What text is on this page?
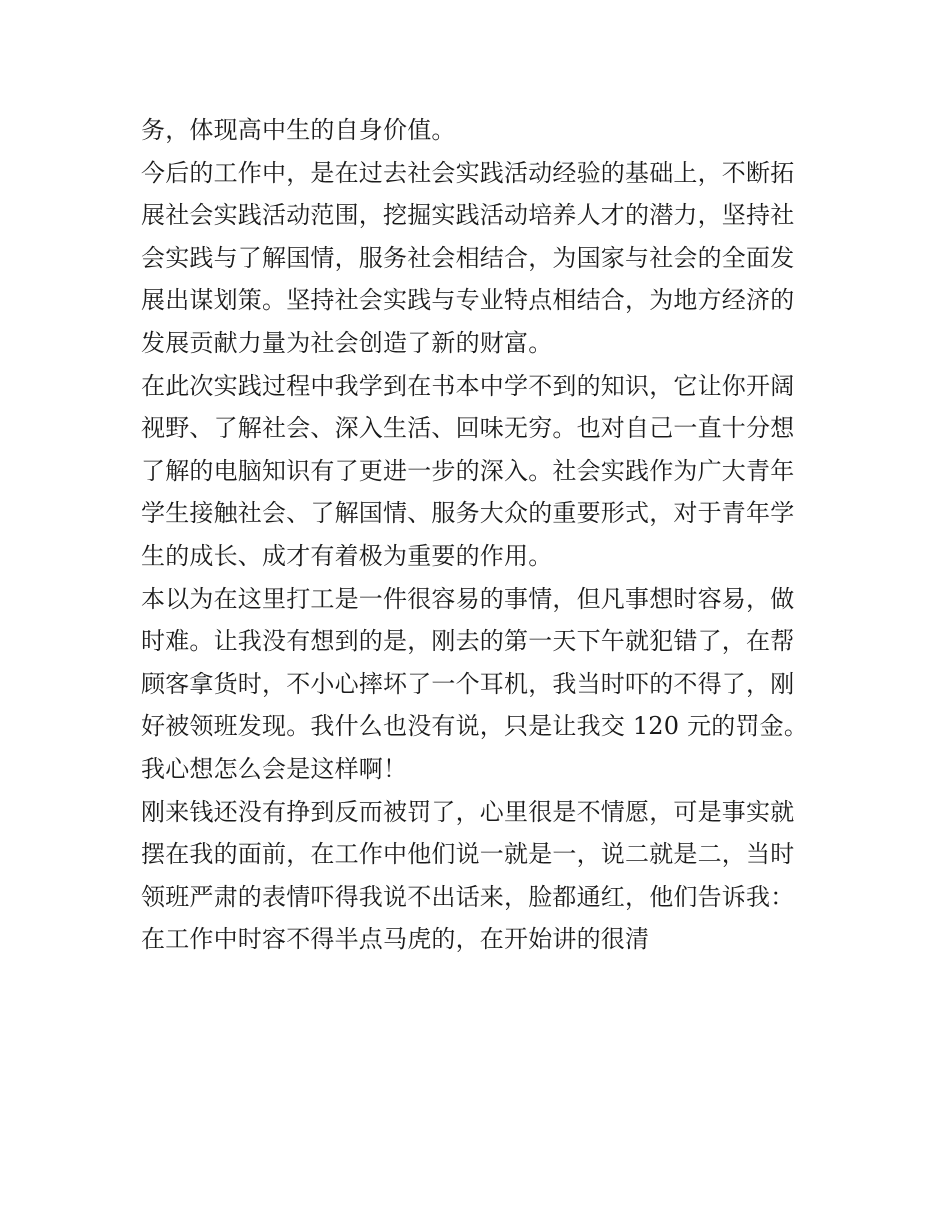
务，体现高中生的自身价值。
今后的工作中，是在过去社会实践活动经验的基础上，不断拓
展社会实践活动范围，挖掘实践活动培养人才的潜力，坚持社
会实践与了解国情，服务社会相结合，为国家与社会的全面发
展出谋划策。坚持社会实践与专业特点相结合，为地方经济的
发展贡献力量为社会创造了新的财富。
在此次实践过程中我学到在书本中学不到的知识，它让你开阔
视野、了解社会、深入生活、回味无穷。也对自己一直十分想
了解的电脑知识有了更进一步的深入。社会实践作为广大青年
学生接触社会、了解国情、服务大众的重要形式，对于青年学
生的成长、成才有着极为重要的作用。
本以为在这里打工是一件很容易的事情，但凡事想时容易，做
时难。让我没有想到的是，刚去的第一天下午就犯错了，在帮
顾客拿货时，不小心摔坏了一个耳机，我当时吓的不得了，刚
好被领班发现。我什么也没有说，只是让我交 120 元的罚金。
我心想怎么会是这样啊！
刚来钱还没有挣到反而被罚了，心里很是不情愿，可是事实就
摆在我的面前，在工作中他们说一就是一，说二就是二，当时
领班严肃的表情吓得我说不出话来，脸都通红，他们告诉我：
在工作中时容不得半点马虎的，在开始讲的很清
